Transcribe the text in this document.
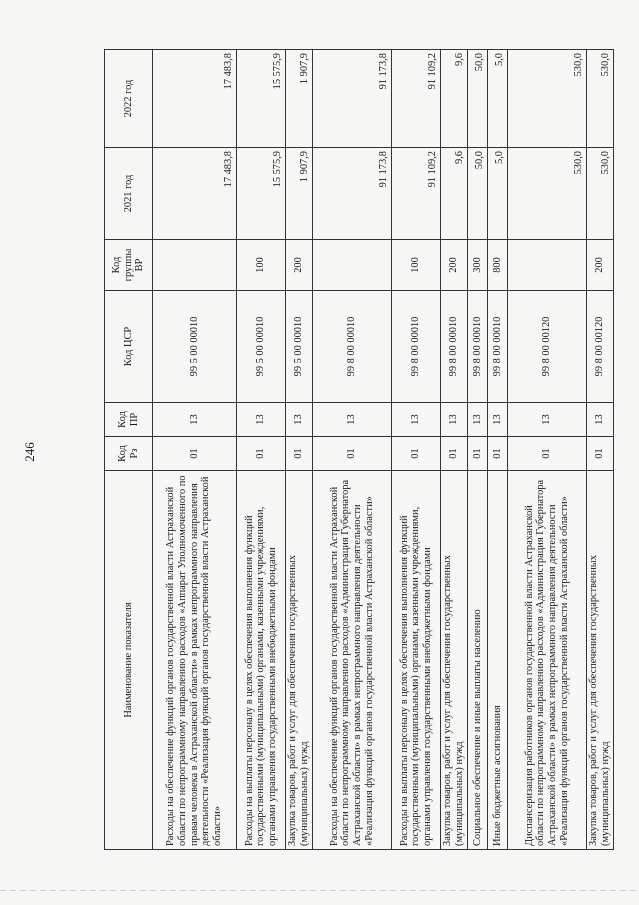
246
Наименование показателя	Код Рз	Код ПР	Код ЦСР	Код группы ВР	2021 год	2022 год
Расходы на обеспечение функций органов государственной власти Астраханской области по непрограммному направлению расходов «Аппарат Уполномоченного по правам человека в Астраханской области» в рамках непрограммного направления деятельности «Реализация функций органов государственной власти Астраханской области»	01	13	99 5 00 00010		17 483,8	17 483,8
Расходы на выплаты персоналу в целях обеспечения выполнения функций государственными (муниципальными) органами, казенными учреждениями, органами управления государственными внебюджетными фондами	01	13	99 5 00 00010	100	15 575,9	15 575,9
Закупка товаров, работ и услуг для обеспечения государственных (муниципальных) нужд	01	13	99 5 00 00010	200	1 907,9	1 907,9
Расходы на обеспечение функций органов государственной власти Астраханской области по непрограммному направлению расходов «Администрация Губернатора Астраханской области» в рамках непрограммного направления деятельности «Реализация функций органов государственной власти Астраханской области»	01	13	99 8 00 00010		91 173,8	91 173,8
Расходы на выплаты персоналу в целях обеспечения выполнения функций государственными (муниципальными) органами, казенными учреждениями, органами управления государственными внебюджетными фондами	01	13	99 8 00 00010	100	91 109,2	91 109,2
Закупка товаров, работ и услуг для обеспечения государственных (муниципальных) нужд	01	13	99 8 00 00010	200	9,6	9,6
Социальное обеспечение и иные выплаты населению	01	13	99 8 00 00010	300	50,0	50,0
Иные бюджетные ассигнования	01	13	99 8 00 00010	800	5,0	5,0
Диспансеризация работников органов государственной власти Астраханской области по непрограммному направлению расходов «Администрация Губернатора Астраханской области» в рамках непрограммного направления деятельности «Реализация функций органов государственной власти Астраханской области»	01	13	99 8 00 00120		530,0	530,0
Закупка товаров, работ и услуг для обеспечения государственных (муниципальных) нужд	01	13	99 8 00 00120	200	530,0	530,0
